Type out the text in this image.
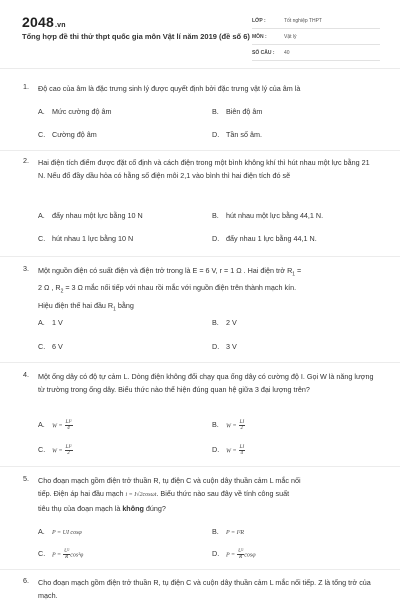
2048.vn
Tổng hợp đề thi thử thpt quốc gia môn Vật lí năm 2019 (đề số 6)
LỚP :	Tốt nghiệp THPT
MÔN :	Vật lý
SỐ CÂU : 40
1. Độ cao của âm là đặc trưng sinh lý được quyết định bởi đặc trưng vật lý của âm là
A. Mức cường độ âm	B. Biên độ âm
C. Cường độ âm	D. Tần số âm.
2. Hai điện tích điểm được đặt cố định và cách điện trong một bình không khí thì hút nhau một lực bằng 21 N. Nếu đổ đầy dầu hỏa có hằng số điện môi 2,1 vào bình thì hai điện tích đó sẽ
A. đẩy nhau một lực bằng 10 N	B. hút nhau một lực bằng 44,1 N.
C. hút nhau 1 lực bằng 10 N	D. đẩy nhau 1 lực bằng 44,1 N.
3. Một nguồn điện có suất điện và điện trở trong là E = 6 V, r = 1 Ω . Hai điện trở $R_1$ =
2 Ω , $R_2 = 3$ Ω mắc nối tiếp với nhau rồi mắc với nguồn điện trên thành mạch kín.
Hiệu điện thế hai đầu $R_1$ bằng
A. 1 V	B. 2 V
C. 6 V	D. 3 V
4. Một ống dây có độ tự cảm L. Dòng điện không đổi chạy qua ống dây có cường độ I. Gọi W là năng lượng từ trường trong ống dây. Biểu thức nào thể hiện đúng quan hệ giữa 3 đại lượng trên?
A. $W = \frac{\text{LI²}}{4}$	B. $W = \frac{LI}{2}$
C. $W = \frac{\text{LI²}}{2}$	D. $W = \frac{LI}{4}$
5. Cho đoạn mạch gồm điện trở thuần R, tụ điện C và cuộn dây thuần cảm L mắc nối
tiếp. Điện áp hai đầu mạch i = I√2cosωt. Biểu thức nào sau đây về tính công suất
tiêu thụ của đoạn mạch là không đúng?
A. P = UI cosφ	B. P = I²R
C. $P = \frac{\text{U²}}{R} \cos^2\varphi$	D. $P = \frac{\text{U²}}{R}$ cosφ
6. Cho đoạn mạch gồm điện trở thuần R, tụ điện C và cuộn dây thuần cảm L mắc nối tiếp. Z là tổng trở của mạch.
